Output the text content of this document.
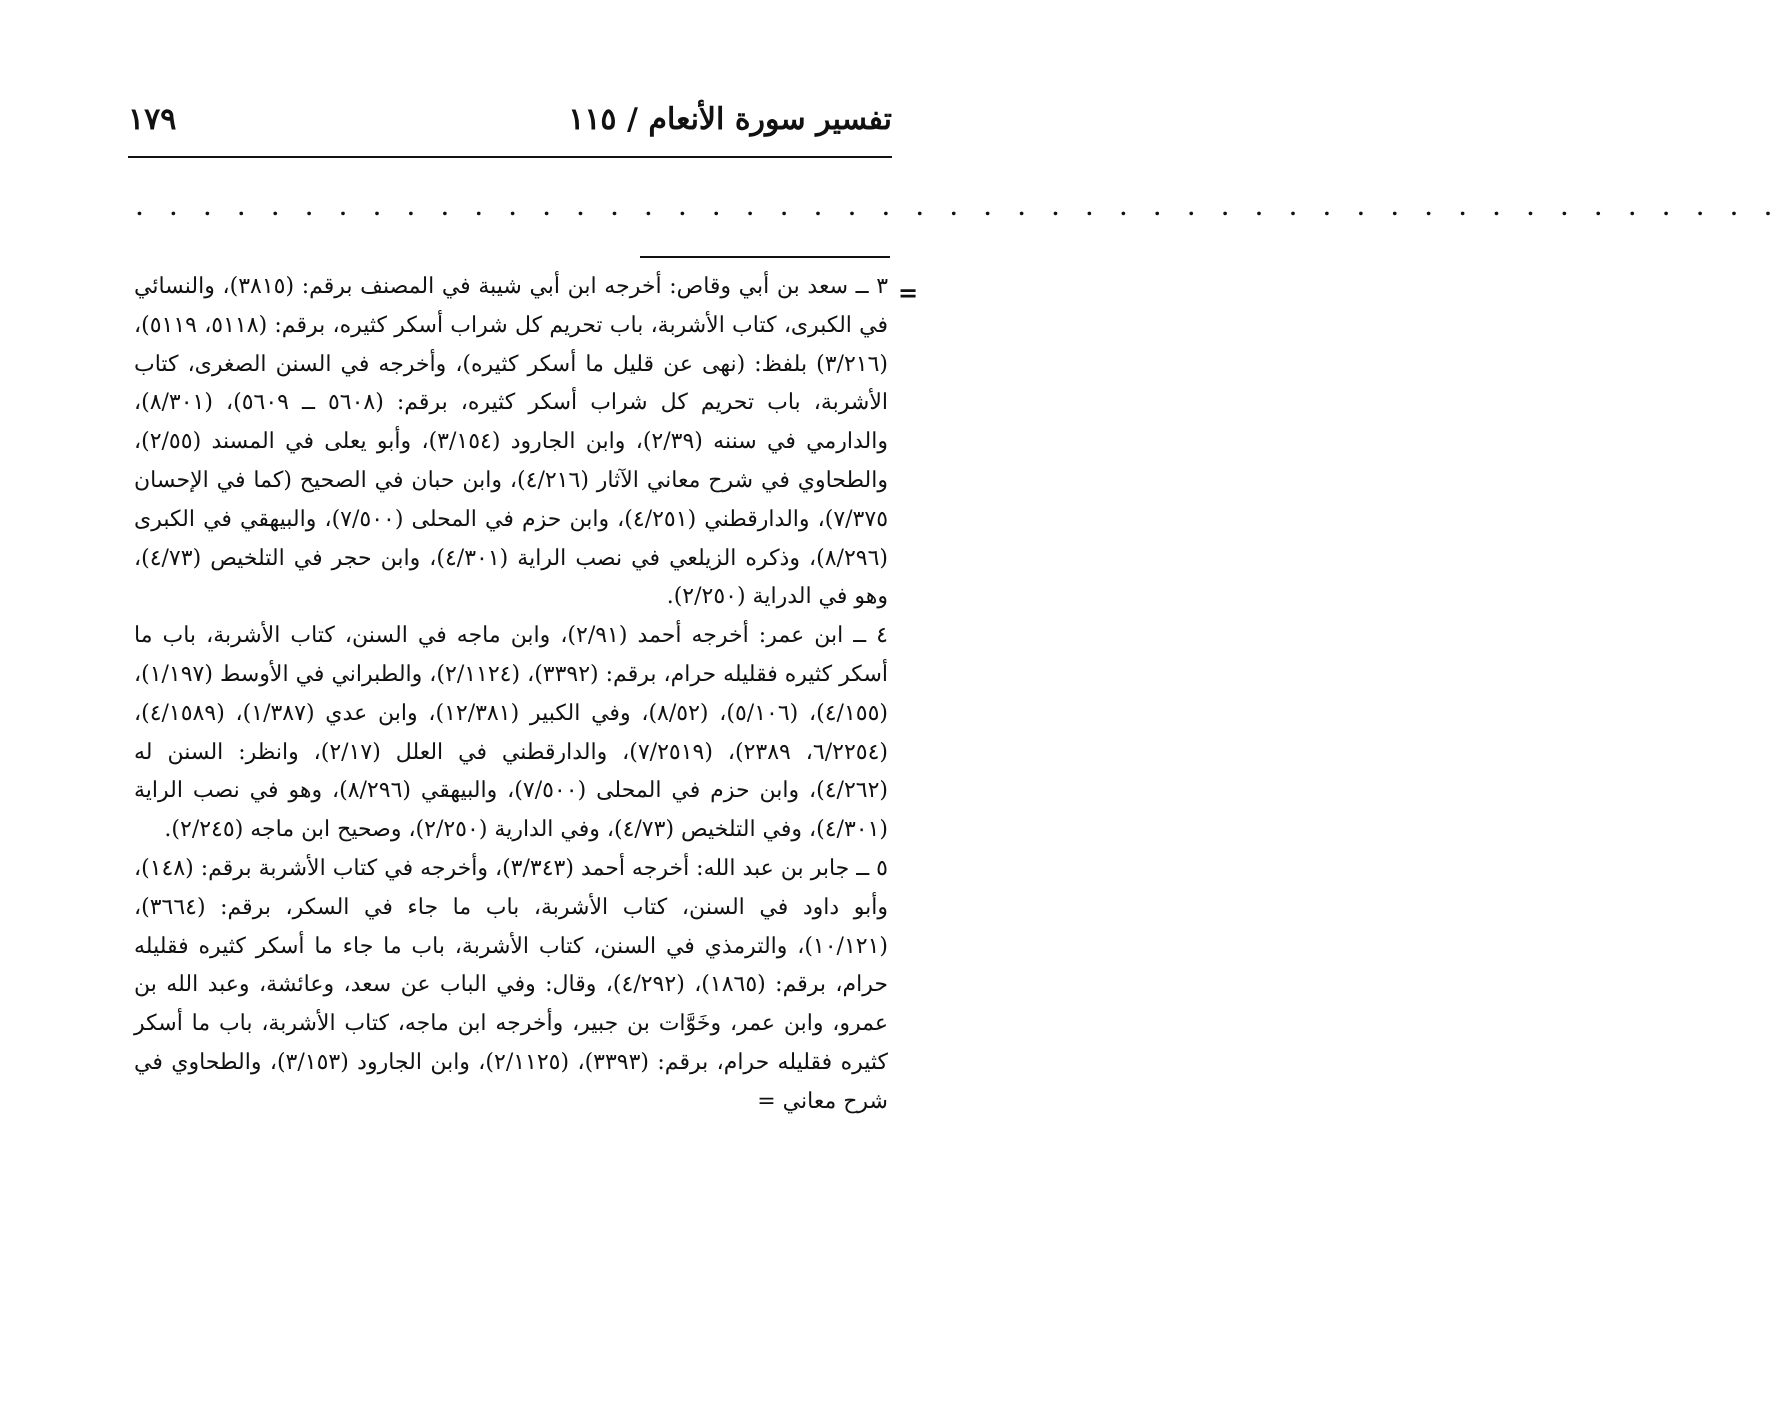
تفسير سورة الأنعام / ١١٥
١٧٩
. . . . . . . . . . . . . . . . . . . . . . . . . . . . . . . . . . . . . . . . . . . . . . . . .
=

٣ ــ سعد بن أبي وقاص: أخرجه ابن أبي شيبة في المصنف برقم: (٣٨١٥)، والنسائي في الكبرى، كتاب الأشربة، باب تحريم كل شراب أسكر كثيره، برقم: (٥١١٨، ٥١١٩)، (٣/٢١٦) بلفظ: (نهى عن قليل ما أسكر كثيره)، وأخرجه في السنن الصغرى، كتاب الأشربة، باب تحريم كل شراب أسكر كثيره، برقم: (٥٦٠٨ ــ ٥٦٠٩)، (٨/٣٠١)، والدارمي في سننه (٢/٣٩)، وابن الجارود (٣/١٥٤)، وأبو يعلى في المسند (٢/٥٥)، والطحاوي في شرح معاني الآثار (٤/٢١٦)، وابن حبان في الصحيح (كما في الإحسان ٧/٣٧٥)، والدارقطني (٤/٢٥١)، وابن حزم في المحلى (٧/٥٠٠)، والبيهقي في الكبرى (٨/٢٩٦)، وذكره الزيلعي في نصب الراية (٤/٣٠١)، وابن حجر في التلخيص (٤/٧٣)، وهو في الدراية (٢/٢٥٠).

٤ ــ ابن عمر: أخرجه أحمد (٢/٩١)، وابن ماجه في السنن، كتاب الأشربة، باب ما أسكر كثيره فقليله حرام، برقم: (٣٣٩٢)، (٢/١١٢٤)، والطبراني في الأوسط (١/١٩٧)، (٤/١٥٥)، (٥/١٠٦)، (٨/٥٢)، وفي الكبير (١٢/٣٨١)، وابن عدي (١/٣٨٧)، (٤/١٥٨٩)، (٦/٢٢٥٤، ٢٣٨٩)، (٧/٢٥١٩)، والدارقطني في العلل (٢/١٧)، وانظر: السنن له (٤/٢٦٢)، وابن حزم في المحلى (٧/٥٠٠)، والبيهقي (٨/٢٩٦)، وهو في نصب الراية (٤/٣٠١)، وفي التلخيص (٤/٧٣)، وفي الدارية (٢/٢٥٠)، وصحيح ابن ماجه (٢/٢٤٥).

٥ ــ جابر بن عبد الله: أخرجه أحمد (٣/٣٤٣)، وأخرجه في كتاب الأشربة برقم: (١٤٨)، وأبو داود في السنن، كتاب الأشربة، باب ما جاء في السكر، برقم: (٣٦٦٤)، (١٠/١٢١)، والترمذي في السنن، كتاب الأشربة، باب ما جاء ما أسكر كثيره فقليله حرام، برقم: (١٨٦٥)، (٤/٢٩٢)، وقال: وفي الباب عن سعد، وعائشة، وعبد الله بن عمرو، وابن عمر، وخَوَّات بن جبير، وأخرجه ابن ماجه، كتاب الأشربة، باب ما أسكر كثيره فقليله حرام، برقم: (٣٣٩٣)، (٢/١١٢٥)، وابن الجارود (٣/١٥٣)، والطحاوي في شرح معاني =
